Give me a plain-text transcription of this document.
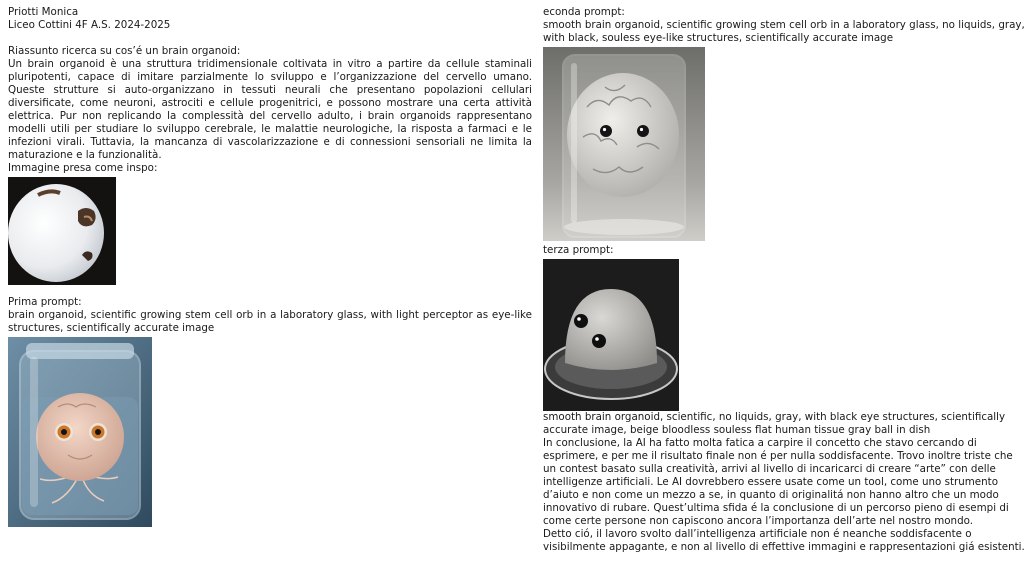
Priotti Monica
Liceo Cottini 4F A.S. 2024-2025
Riassunto ricerca su cos’é un brain organoid:
Un brain organoid è una struttura tridimensionale coltivata in vitro a partire da cellule staminali pluripotenti, capace di imitare parzialmente lo sviluppo e l’organizzazione del cervello umano. Queste strutture si auto-organizzano in tessuti neurali che presentano popolazioni cellulari diversificate, come neuroni, astrociti e cellule progenitrici, e possono mostrare una certa attività elettrica. Pur non replicando la complessità del cervello adulto, i brain organoids rappresentano modelli utili per studiare lo sviluppo cerebrale, le malattie neurologiche, la risposta a farmaci e le infezioni virali. Tuttavia, la mancanza di vascolarizzazione e di connessioni sensoriali ne limita la maturazione e la funzionalità.
Immagine presa come inspo:
Prima prompt:
brain organoid, scientific growing stem cell orb in a laboratory glass, with light perceptor as eye-like structures, scientifically accurate image
econda prompt:
smooth brain organoid, scientific growing stem cell orb in a laboratory glass, no liquids, gray, with black, souless eye-like structures, scientifically accurate image
terza prompt:
smooth brain organoid, scientific, no liquids, gray, with black eye structures, scientifically accurate image, beige bloodless souless flat human tissue gray ball in dish
In conclusione, la AI ha fatto molta fatica a carpire il concetto che stavo cercando di esprimere, e per me il risultato finale non é per nulla soddisfacente. Trovo inoltre triste che un contest basato sulla creatività, arrivi al livello di incaricarci di creare “arte” con delle intelligenze artificiali. Le AI dovrebbero essere usate come un tool, come uno strumento d’aiuto e non come un mezzo a se, in quanto di originalitá non hanno altro che un modo innovativo di rubare. Quest’ultima sfida é la conclusione di un percorso pieno di esempi di come certe persone non capiscono ancora l’importanza dell’arte nel nostro mondo.
Detto ció, il lavoro svolto dall’intelligenza artificiale non é neanche soddisfacente o visibilmente appagante, e non al livello di effettive immagini e rappresentazioni giá esistenti.
